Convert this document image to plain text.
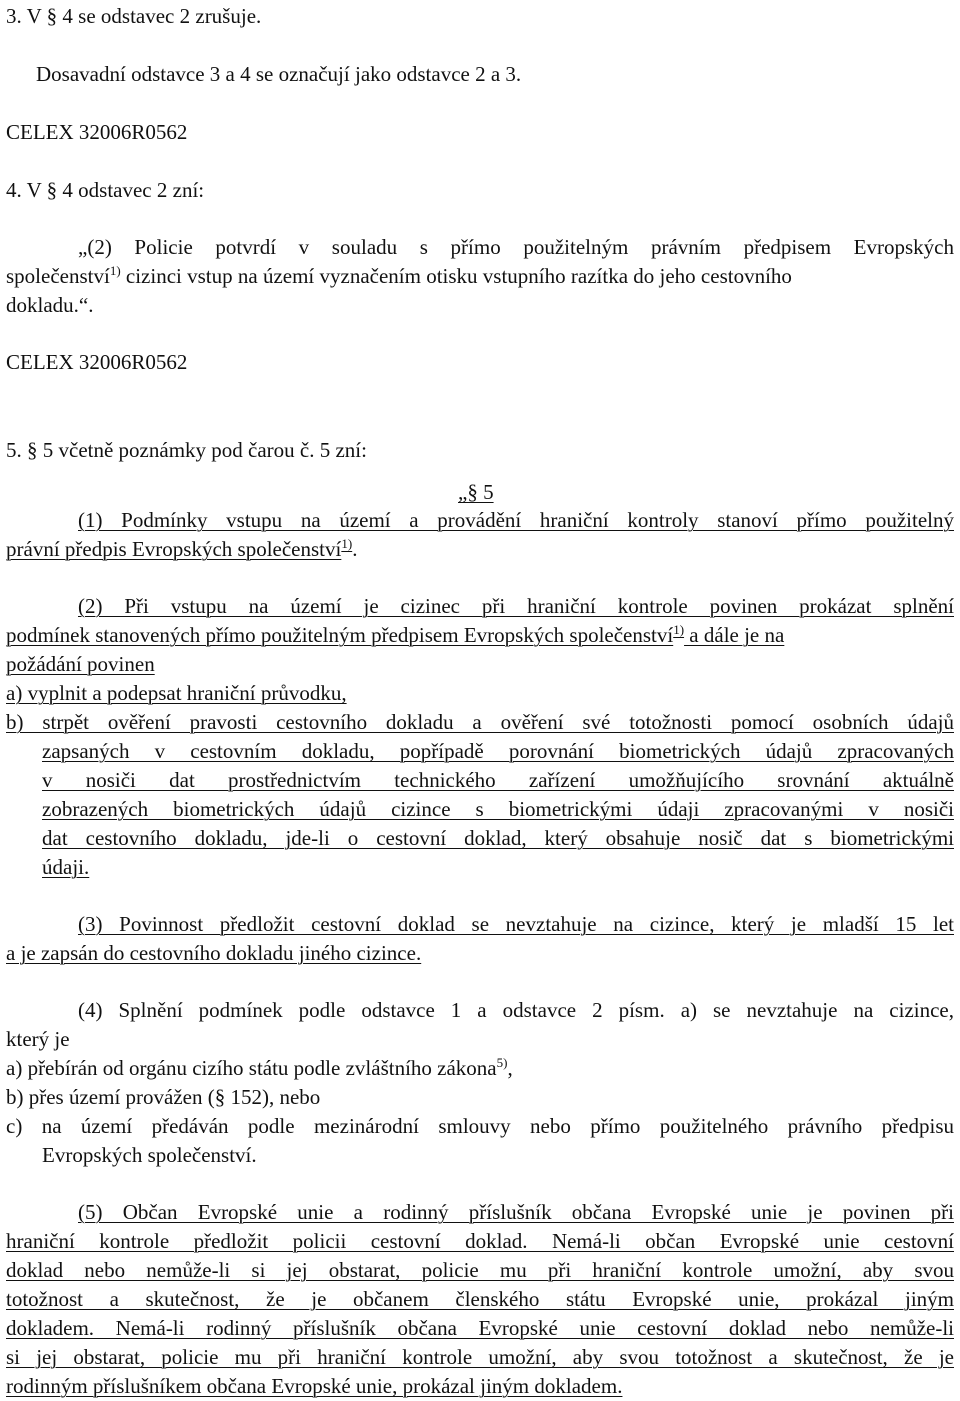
3. V § 4 se odstavec 2 zrušuje.
Dosavadní odstavce 3 a 4 se označují jako odstavce 2 a 3.
CELEX 32006R0562
4. V § 4 odstavec 2 zní:
„(2) Policie potvrdí v souladu s přímo použitelným právním předpisem Evropských
společenství$^{1)}$ cizinci vstup na území vyznačením otisku vstupního razítka do jeho cestovního
dokladu.“.
CELEX 32006R0562
5. § 5 včetně poznámky pod čarou č. 5 zní:
„§ 5
(1) Podmínky vstupu na území a provádění hraniční kontroly stanoví přímo použitelný
právní předpis Evropských společenství$^{1)}$.
(2) Při vstupu na území je cizinec při hraniční kontrole povinen prokázat splnění
podmínek stanovených přímo použitelným předpisem Evropských společenství$^{1)}$ a dále je na
požádání povinen
a) vyplnit a podepsat hraniční průvodku,
b) strpět ověření pravosti cestovního dokladu a ověření své totožnosti pomocí osobních údajů
zapsaných v cestovním dokladu, popřípadě porovnání biometrických údajů zpracovaných
v nosiči dat prostřednictvím technického zařízení umožňujícího srovnání aktuálně
zobrazených biometrických údajů cizince s biometrickými údaji zpracovanými v nosiči
dat cestovního dokladu, jde-li o cestovní doklad, který obsahuje nosič dat s biometrickými
údaji.
(3) Povinnost předložit cestovní doklad se nevztahuje na cizince, který je mladší 15 let
a je zapsán do cestovního dokladu jiného cizince.
(4) Splnění podmínek podle odstavce 1 a odstavce 2 písm. a) se nevztahuje na cizince,
který je
a) přebírán od orgánu cizího státu podle zvláštního zákona$^{5)}$,
b) přes území provážen (§ 152), nebo
c) na území předáván podle mezinárodní smlouvy nebo přímo použitelného právního předpisu
Evropských společenství.
(5) Občan Evropské unie a rodinný příslušník občana Evropské unie je povinen při
hraniční kontrole předložit policii cestovní doklad. Nemá-li občan Evropské unie cestovní
doklad nebo nemůže-li si jej obstarat, policie mu při hraniční kontrole umožní, aby svou
totožnost a skutečnost, že je občanem členského státu Evropské unie, prokázal jiným
dokladem. Nemá-li rodinný příslušník občana Evropské unie cestovní doklad nebo nemůže-li
si jej obstarat, policie mu při hraniční kontrole umožní, aby svou totožnost a skutečnost, že je
rodinným příslušníkem občana Evropské unie, prokázal jiným dokladem.
